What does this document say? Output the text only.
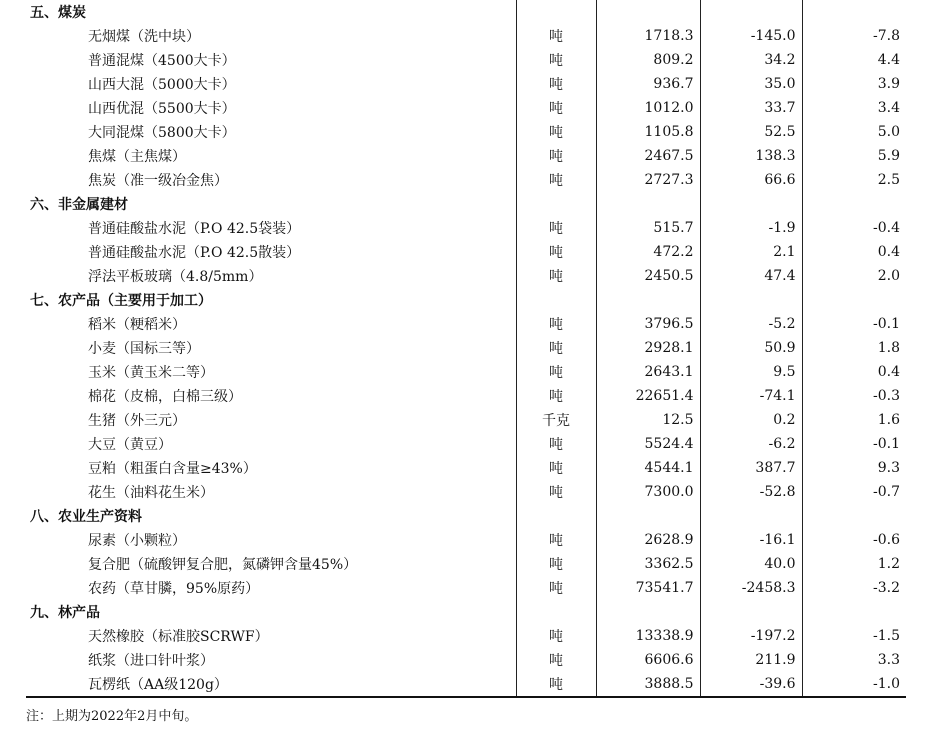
五、煤炭				
无烟煤（洗中块）	吨	1718.3	-145.0	-7.8
普通混煤（4500大卡）	吨	809.2	34.2	4.4
山西大混（5000大卡）	吨	936.7	35.0	3.9
山西优混（5500大卡）	吨	1012.0	33.7	3.4
大同混煤（5800大卡）	吨	1105.8	52.5	5.0
焦煤（主焦煤）	吨	2467.5	138.3	5.9
焦炭（准一级冶金焦）	吨	2727.3	66.6	2.5
六、非金属建材				
普通硅酸盐水泥（P.O 42.5袋装）	吨	515.7	-1.9	-0.4
普通硅酸盐水泥（P.O 42.5散装）	吨	472.2	2.1	0.4
浮法平板玻璃（4.8/5mm）	吨	2450.5	47.4	2.0
七、农产品（主要用于加工）				
稻米（粳稻米）	吨	3796.5	-5.2	-0.1
小麦（国标三等）	吨	2928.1	50.9	1.8
玉米（黄玉米二等）	吨	2643.1	9.5	0.4
棉花（皮棉，白棉三级）	吨	22651.4	-74.1	-0.3
生猪（外三元）	千克	12.5	0.2	1.6
大豆（黄豆）	吨	5524.4	-6.2	-0.1
豆粕（粗蛋白含量≥43%）	吨	4544.1	387.7	9.3
花生（油料花生米）	吨	7300.0	-52.8	-0.7
八、农业生产资料				
尿素（小颗粒）	吨	2628.9	-16.1	-0.6
复合肥（硫酸钾复合肥，氮磷钾含量45%）	吨	3362.5	40.0	1.2
农药（草甘膦，95%原药）	吨	73541.7	-2458.3	-3.2
九、林产品				
天然橡胶（标准胶SCRWF）	吨	13338.9	-197.2	-1.5
纸浆（进口针叶浆）	吨	6606.6	211.9	3.3
瓦楞纸（AA级120g）	吨	3888.5	-39.6	-1.0
注：上期为2022年2月中旬。
